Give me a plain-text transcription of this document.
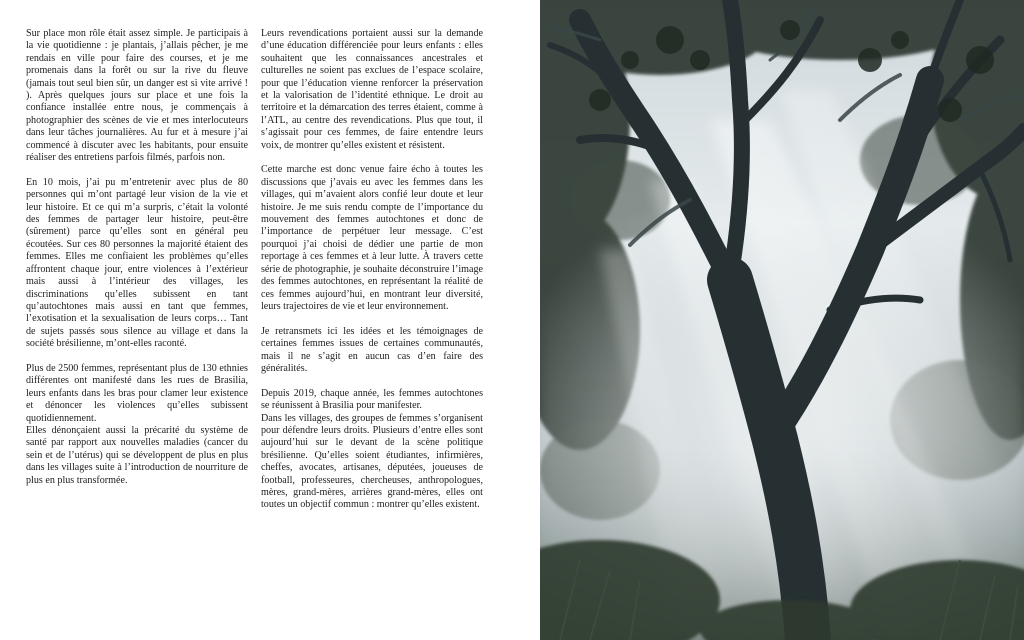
Sur place mon rôle était assez simple. Je participais à la vie quotidienne : je plantais, j’allais pêcher, je me rendais en ville pour faire des courses, et je me promenais dans la forêt ou sur la rive du fleuve (jamais tout seul bien sûr, un danger est si vite arrivé ! ). Après quelques jours sur place et une fois la confiance installée entre nous, je commençais à photographier des scènes de vie et mes interlocuteurs dans leur tâches journalières. Au fur et à mesure j’ai commencé à discuter avec les habitants, pour ensuite réaliser des entretiens parfois filmés, parfois non.

En 10 mois, j’ai pu m’entretenir avec plus de 80 personnes qui m’ont partagé leur vision de la vie et leur histoire. Et ce qui m’a surpris, c’était la volonté des femmes de partager leur histoire, peut-être (sûrement) parce qu’elles sont en général peu écoutées. Sur ces 80 personnes la majorité étaient des femmes. Elles me confiaient les problèmes qu’elles affrontent chaque jour, entre violences à l’extérieur mais aussi à l’intérieur des villages, les discriminations qu’elles subissent en tant qu’autochtones mais aussi en tant que femmes, l’exotisation et la sexualisation de leurs corps… Tant de sujets passés sous silence au village et dans la société brésilienne, m’ont-elles raconté.

Plus de 2500 femmes, représentant plus de 130 ethnies différentes ont manifesté dans les rues de Brasilia, leurs enfants dans les bras pour clamer leur existence et dénoncer les violences qu’elles subissent quotidiennement.

Elles dénonçaient aussi la précarité du système de santé par rapport aux nouvelles maladies (cancer du sein et de l’utérus) qui se développent de plus en plus dans les villages suite à l’introduction de nourriture de plus en plus transformée.

Leurs revendications portaient aussi sur la demande d’une éducation différenciée pour leurs enfants : elles souhaitent que les connaissances ancestrales et culturelles ne soient pas exclues de l’espace scolaire, pour que l’éducation vienne renforcer la préservation et la valorisation de l’identité ethnique. Le droit au territoire et la démarcation des terres étaient, comme à l’ATL, au centre des revendications. Plus que tout, il s’agissait pour ces femmes, de faire entendre leurs voix, de montrer qu’elles existent et résistent.

Cette marche est donc venue faire écho à toutes les discussions que j’avais eu avec les femmes dans les villages, qui m’avaient alors confié leur doute et leur histoire. Je me suis rendu compte de l’importance du mouvement des femmes autochtones et donc de l’importance de perpétuer leur message. C’est pourquoi j’ai choisi de dédier une partie de mon reportage à ces femmes et à leur lutte. À travers cette série de photographie, je souhaite déconstruire l’image des femmes autochtones, en représentant la réalité de ces femmes aujourd’hui, en montrant leur diversité, leurs trajectoires de vie et leur environnement.

Je retransmets ici les idées et les témoignages de certaines femmes issues de certaines communautés, mais il ne s’agit en aucun cas d’en faire des généralités.

Depuis 2019, chaque année, les femmes autochtones se réunissent à Brasilia pour manifester.

Dans les villages, des groupes de femmes s’organisent pour défendre leurs droits. Plusieurs d’entre elles sont aujourd’hui sur le devant de la scène politique brésilienne. Qu’elles soient étudiantes, infirmières, cheffes, avocates, artisanes, députées, joueuses de football, professeures, chercheuses, anthropologues, mères, grand-mères, arrières grand-mères, elles ont toutes un objectif commun : montrer qu’elles existent.
